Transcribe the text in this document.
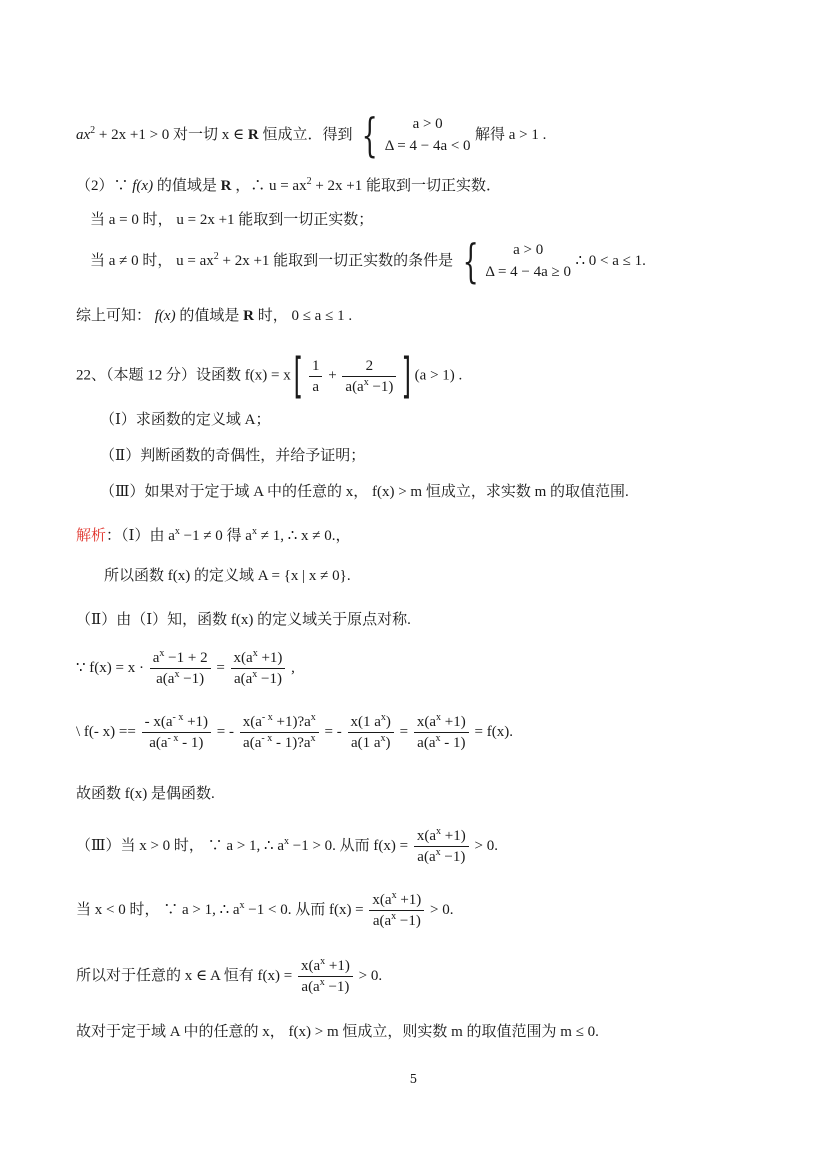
$ax^2 + 2x +1 > 0$ 对一切 x ∈ R 恒成立．得到 {	a > 0
Δ = 4 − 4a < 0
解得 a > 1 .
（2）∵ f(x) 的值域是 R ，∴ $u = ax^2 + 2x +1$ 能取到一切正实数．
当 a = 0 时， u = 2x +1 能取到一切正实数；
当 a ≠ 0 时， $u = ax^2 + 2x +1$ 能取到一切正实数的条件是 {	a > 0
Δ = 4 − 4a ≥ 0
∴ 0 < a ≤ 1.
综上可知： f(x) 的值域是 R 时， 0 ≤ a ≤ 1 .
22、（本题 12 分）设函数 f(x) = x [ $\frac{1}{a} + \frac{2}{a(a^x -1)}$ ] (a > 1) .
（Ⅰ）求函数的定义域 A；
（Ⅱ）判断函数的奇偶性，并给予证明；
（Ⅲ）如果对于定于域 A 中的任意的 x， f(x) > m 恒成立，求实数 m 的取值范围.
解析：（Ⅰ）由 $a^x -1 \ne 0$ 得 $a^x \ne 1$, ∴ x ≠ 0.，
所以函数 f(x) 的定义域 A = {x | x ≠ 0}.
（Ⅱ）由（Ⅰ）知，函数 f(x) 的定义域关于原点对称.
∵ $f(x) = x \cdot \frac{a^x -1 + 2}{a(a^x -1)} = \frac{x(a^x +1)}{a(a^x -1)}$ ,
\ f(- $x) == \frac{- x(a^{- x} +1)}{a(a^{- x} - 1)}$ = - $\frac{x(a^{- x} +1)?a^x}{a(a^{- x} - 1)?a^x}$ = - $\frac{x(1 a^x)}{a(1 a^x)} = \frac{x(a^x +1)}{a(a^x - 1)} = f(x)$.
故函数 f(x) 是偶函数.
（Ⅲ）当 x > 0 时， ∵ a > 1, ∴ $a^x -1 > 0$. 从而 $f(x) = \frac{x(a^x +1)}{a(a^x -1)} > 0$.
当 x < 0 时， ∵ a > 1, ∴ $a^x -1 < 0$. 从而 $f(x) = \frac{x(a^x +1)}{a(a^x -1)} > 0$.
所以对于任意的 x ∈ A 恒有 $f(x) = \frac{x(a^x +1)}{a(a^x -1)} > 0$.
故对于定于域 A 中的任意的 x， f(x) > m 恒成立，则实数 m 的取值范围为 m ≤ 0.
5
